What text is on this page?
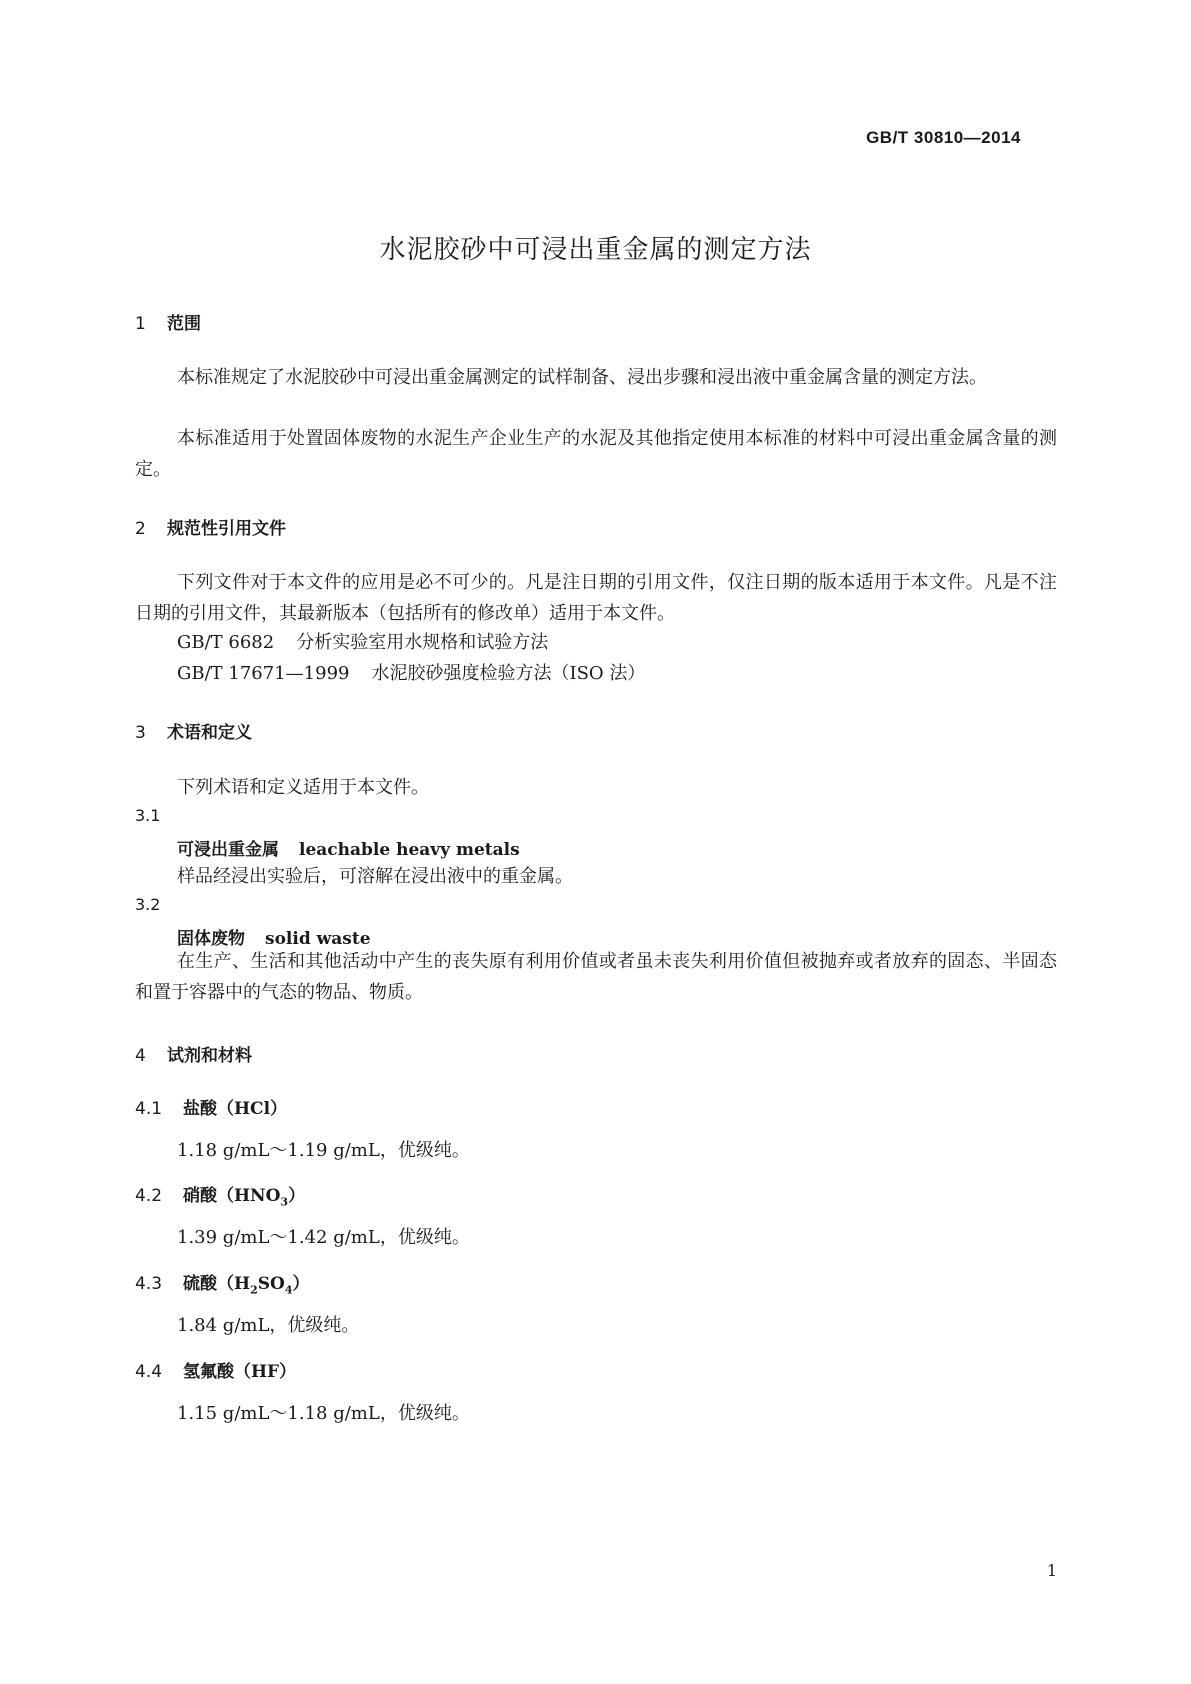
GB/T 30810—2014
水泥胶砂中可浸出重金属的测定方法
1 范围

本标准规定了水泥胶砂中可浸出重金属测定的试样制备、浸出步骤和浸出液中重金属含量的测定方法。

本标准适用于处置固体废物的水泥生产企业生产的水泥及其他指定使用本标准的材料中可浸出重金属含量的测定。

2 规范性引用文件

下列文件对于本文件的应用是必不可少的。凡是注日期的引用文件，仅注日期的版本适用于本文件。凡是不注日期的引用文件，其最新版本（包括所有的修改单）适用于本文件。

GB/T 6682 分析实验室用水规格和试验方法

GB/T 17671—1999 水泥胶砂强度检验方法（ISO 法）

3 术语和定义

下列术语和定义适用于本文件。

3.1
可浸出重金属 leachable heavy metals

样品经浸出实验后，可溶解在浸出液中的重金属。

3.2
固体废物 solid waste

在生产、生活和其他活动中产生的丧失原有利用价值或者虽未丧失利用价值但被抛弃或者放弃的固态、半固态和置于容器中的气态的物品、物质。

4 试剂和材料
4.1 盐酸（HCl）

1.18 g/mL～1.19 g/mL，优级纯。

4.2 硝酸$(HNO_3)$

1.39 g/mL～1.42 g/mL，优级纯。

4.3 硫酸$(H_2SO_4)$

1.84 g/mL，优级纯。

4.4 氢氟酸（HF）

1.15 g/mL～1.18 g/mL，优级纯。

1
